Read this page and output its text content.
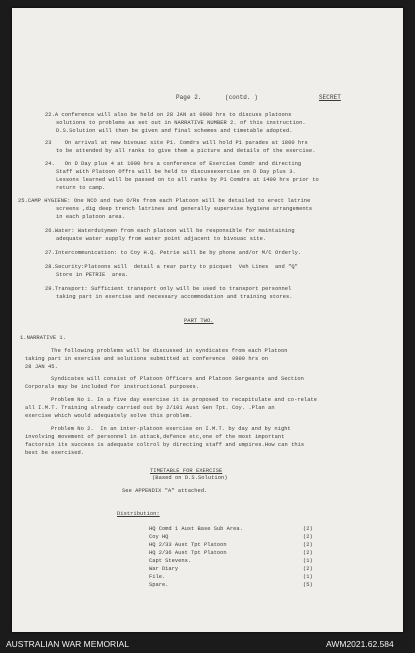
Page 2.	(contd. )	SECRET
22.A conference will also be held on 28 JAN at 0900 hrs to discuss platoons
solutions to problems as set out in NARRATIVE NUMBER 2. of this instruction.
D.S.Solution will then be given and final schemes and timetable adopted.
23    On arrival at new bivouac site P1. Comdrs will hold P1 parades at 1800 hrs
to be attended by all ranks to give them a picture and details of the exercise.
24.   On D Day plus 4 at 1000 hrs a conference of Exercise Comdr and directing
Staff with Platoon Offrs will be held to discussexercise on D Day plus 3.
Lessons learned will be passed on to all ranks by P1 Comdrs at 1400 hrs prior to
return to camp.
25.CAMP HYGIENE: One NCO and two O/Rs from each Platoon will be detailed to erect latrine
screens ,dig deep trench latrines and generally supervise hygiene arrangements
in each platoon area.
26.Water: Waterdutymen from each platoon will be responsible for maintaining
adequate water supply from water point adjacent to bivouac site.
27.Intercommunication: to Coy H.Q. Petrie will be by phone and/or M/C Orderly.
28.Security:Platoons will  detail a rear party to picquet  Veh Lines  and "Q"
Store in PETRIE  area.
29.Transport: Sufficient transport only will be used to transport personnel
taking part in exercise and necessary accommodation and training stores.
PART TWO.
1.NARRATIVE 1.
The following problems will be discussed in syndicates from each Platoon
taking part in exercise and solutions submitted at conference  0900 hrs on
28 JAN 45.
Syndicates will consist of Platoon Officers and Platoon Sergeants and Section
Corporals may be included for instructional purposes.
Problem No 1. In a five day exercise it is proposed to recapitulate and co-relate
all I.M.T. Training already carried out by 2/101 Aust Gen Tpt. Coy. .Plan an
exercise which would adequately solve this problem.
Problem No 2.  In an inter-platoon exercise on I.M.T. by day and by night
involving movement of personnel in attack,defence etc,one of the most important
factorsin its success is adequate coltrol by directing staff and umpires.How can this
best be exercised.
TIMETABLE FOR EXERCISE
(Based on D.S.Solution)
See APPENDIX "A" attached.
Distribution:
HQ Comd 1 Aust Base Sub Area.	(2)
Coy HQ	(2)
HQ 2/33 Aust Tpt Platoon	(2)
HQ 2/36 Aust Tpt Platoon	(2)
Capt Stevens.	(1)
War Diary	(2)
File.	(1)
Spare.	(5)
AUSTRALIAN WAR MEMORIAL	AWM2021.62.584
